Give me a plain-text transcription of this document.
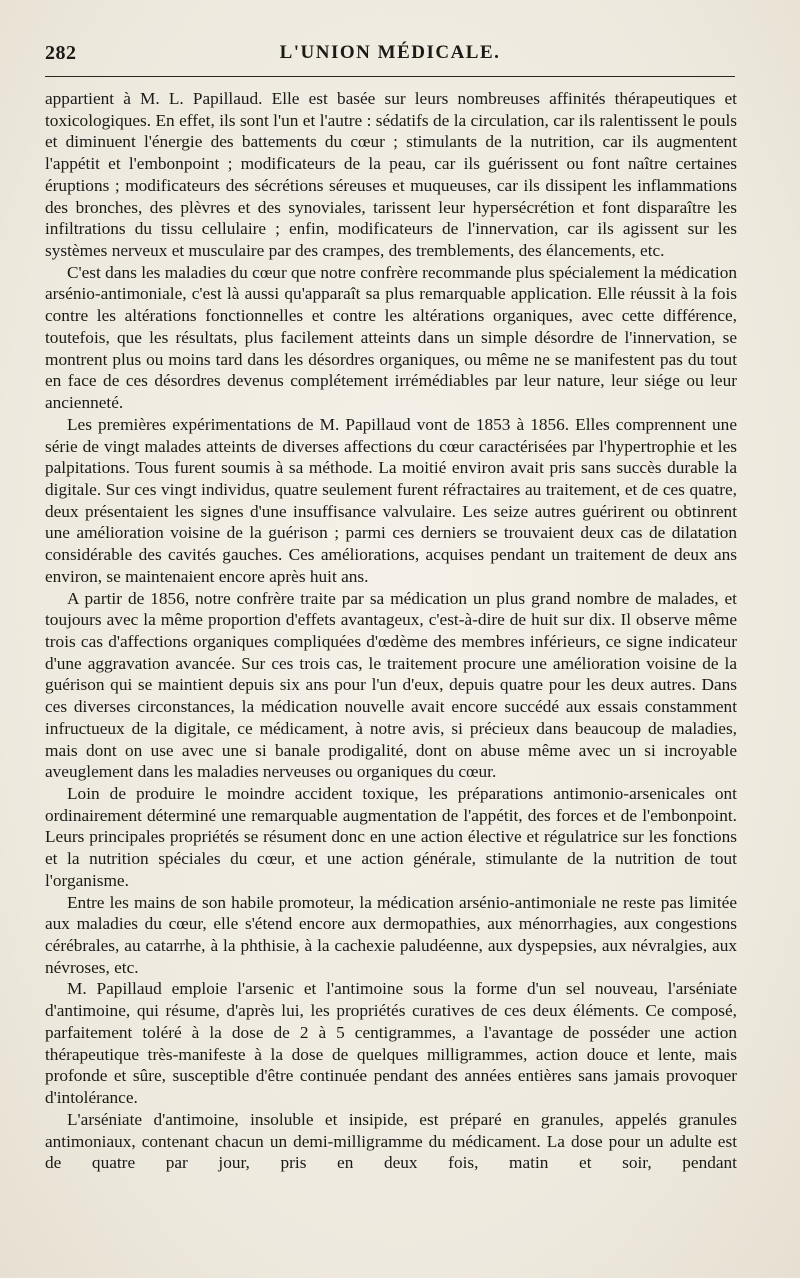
282	L'UNION MÉDICALE.

appartient à M. L. Papillaud. Elle est basée sur leurs nombreuses affinités thérapeutiques et toxicologiques. En effet, ils sont l'un et l'autre : sédatifs de la circulation, car ils ralentissent le pouls et diminuent l'énergie des battements du cœur ; stimulants de la nutrition, car ils augmentent l'appétit et l'embonpoint ; modificateurs de la peau, car ils guérissent ou font naître certaines éruptions ; modificateurs des sécrétions séreuses et muqueuses, car ils dissipent les inflammations des bronches, des plèvres et des synoviales, tarissent leur hypersécrétion et font disparaître les infiltrations du tissu cellulaire ; enfin, modificateurs de l'innervation, car ils agissent sur les systèmes nerveux et musculaire par des crampes, des tremblements, des élancements, etc.

C'est dans les maladies du cœur que notre confrère recommande plus spécialement la médication arsénio-antimoniale, c'est là aussi qu'apparaît sa plus remarquable application. Elle réussit à la fois contre les altérations fonctionnelles et contre les altérations organiques, avec cette différence, toutefois, que les résultats, plus facilement atteints dans un simple désordre de l'innervation, se montrent plus ou moins tard dans les désordres organiques, ou même ne se manifestent pas du tout en face de ces désordres devenus complétement irrémédiables par leur nature, leur siége ou leur ancienneté.

Les premières expérimentations de M. Papillaud vont de 1853 à 1856. Elles comprennent une série de vingt malades atteints de diverses affections du cœur caractérisées par l'hypertrophie et les palpitations. Tous furent soumis à sa méthode. La moitié environ avait pris sans succès durable la digitale. Sur ces vingt individus, quatre seulement furent réfractaires au traitement, et de ces quatre, deux présentaient les signes d'une insuffisance valvulaire. Les seize autres guérirent ou obtinrent une amélioration voisine de la guérison ; parmi ces derniers se trouvaient deux cas de dilatation considérable des cavités gauches. Ces améliorations, acquises pendant un traitement de deux ans environ, se maintenaient encore après huit ans.

A partir de 1856, notre confrère traite par sa médication un plus grand nombre de malades, et toujours avec la même proportion d'effets avantageux, c'est-à-dire de huit sur dix. Il observe même trois cas d'affections organiques compliquées d'œdème des membres inférieurs, ce signe indicateur d'une aggravation avancée. Sur ces trois cas, le traitement procure une amélioration voisine de la guérison qui se maintient depuis six ans pour l'un d'eux, depuis quatre pour les deux autres. Dans ces diverses circonstances, la médication nouvelle avait encore succédé aux essais constamment infructueux de la digitale, ce médicament, à notre avis, si précieux dans beaucoup de maladies, mais dont on use avec une si banale prodigalité, dont on abuse même avec un si incroyable aveuglement dans les maladies nerveuses ou organiques du cœur.

Loin de produire le moindre accident toxique, les préparations antimonio-arsenicales ont ordinairement déterminé une remarquable augmentation de l'appétit, des forces et de l'embonpoint. Leurs principales propriétés se résument donc en une action élective et régulatrice sur les fonctions et la nutrition spéciales du cœur, et une action générale, stimulante de la nutrition de tout l'organisme.

Entre les mains de son habile promoteur, la médication arsénio-antimoniale ne reste pas limitée aux maladies du cœur, elle s'étend encore aux dermopathies, aux ménorrhagies, aux congestions cérébrales, au catarrhe, à la phthisie, à la cachexie paludéenne, aux dyspepsies, aux névralgies, aux névroses, etc.

M. Papillaud emploie l'arsenic et l'antimoine sous la forme d'un sel nouveau, l'arséniate d'antimoine, qui résume, d'après lui, les propriétés curatives de ces deux éléments. Ce composé, parfaitement toléré à la dose de 2 à 5 centigrammes, a l'avantage de posséder une action thérapeutique très-manifeste à la dose de quelques milligrammes, action douce et lente, mais profonde et sûre, susceptible d'être continuée pendant des années entières sans jamais provoquer d'intolérance.

L'arséniate d'antimoine, insoluble et insipide, est préparé en granules, appelés granules antimoniaux, contenant chacun un demi-milligramme du médicament. La dose pour un adulte est de quatre par jour, pris en deux fois, matin et soir, pendant
